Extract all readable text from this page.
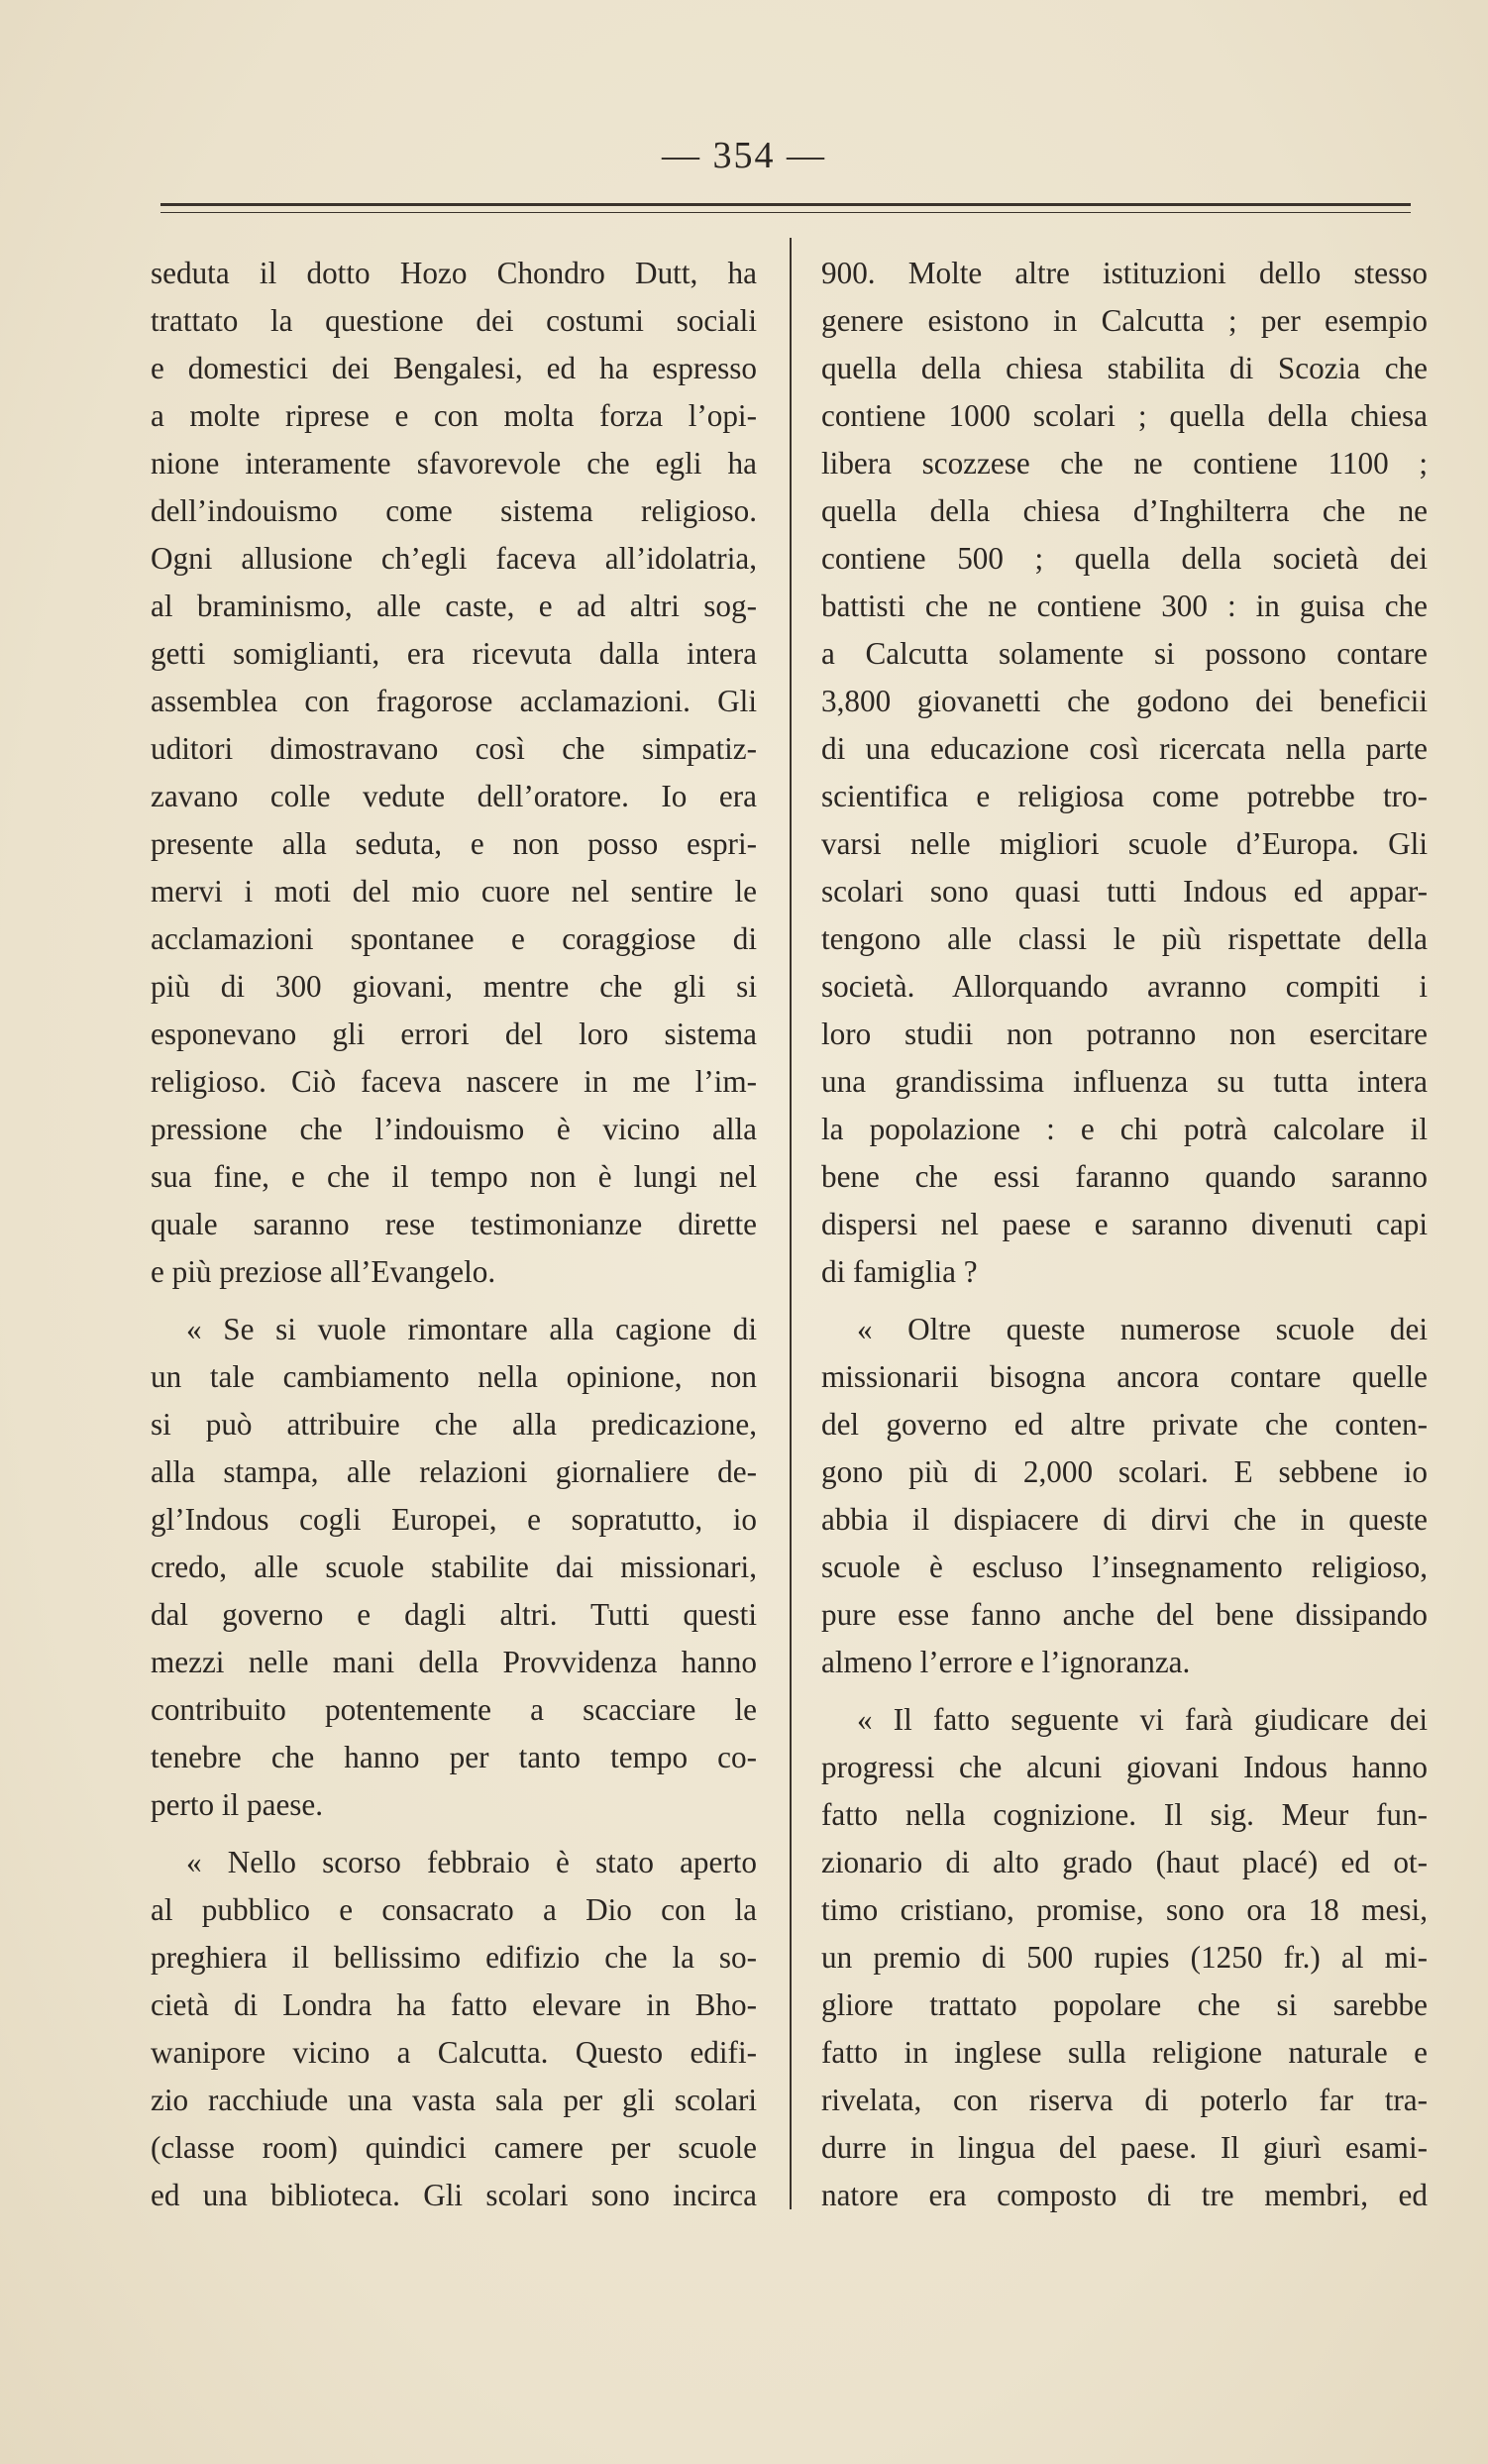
— 354 —
seduta il dotto Hozo Chondro Dutt, ha
trattato la questione dei costumi sociali
e domestici dei Bengalesi, ed ha espresso
a molte riprese e con molta forza l’opi-
nione interamente sfavorevole che egli ha
dell’indouismo come sistema religioso.
Ogni allusione ch’egli faceva all’idolatria,
al braminismo, alle caste, e ad altri sog-
getti somiglianti, era ricevuta dalla intera
assemblea con fragorose acclamazioni. Gli
uditori dimostravano così che simpatiz-
zavano colle vedute dell’oratore. Io era
presente alla seduta, e non posso espri-
mervi i moti del mio cuore nel sentire le
acclamazioni spontanee e coraggiose di
più di 300 giovani, mentre che gli si
esponevano gli errori del loro sistema
religioso. Ciò faceva nascere in me l’im-
pressione che l’indouismo è vicino alla
sua fine, e che il tempo non è lungi nel
quale saranno rese testimonianze dirette
e più preziose all’Evangelo.
« Se si vuole rimontare alla cagione di
un tale cambiamento nella opinione, non
si può attribuire che alla predicazione,
alla stampa, alle relazioni giornaliere de-
gl’Indous cogli Europei, e sopratutto, io
credo, alle scuole stabilite dai missionari,
dal governo e dagli altri. Tutti questi
mezzi nelle mani della Provvidenza hanno
contribuito potentemente a scacciare le
tenebre che hanno per tanto tempo co-
perto il paese.
« Nello scorso febbraio è stato aperto
al pubblico e consacrato a Dio con la
preghiera il bellissimo edifizio che la so-
cietà di Londra ha fatto elevare in Bho-
wanipore vicino a Calcutta. Questo edifi-
zio racchiude una vasta sala per gli scolari
(classe room) quindici camere per scuole
ed una biblioteca. Gli scolari sono incirca
900. Molte altre istituzioni dello stesso
genere esistono in Calcutta ; per esempio
quella della chiesa stabilita di Scozia che
contiene 1000 scolari ; quella della chiesa
libera scozzese che ne contiene 1100 ;
quella della chiesa d’Inghilterra che ne
contiene 500 ; quella della società dei
battisti che ne contiene 300 : in guisa che
a Calcutta solamente si possono contare
3,800 giovanetti che godono dei beneficii
di una educazione così ricercata nella parte
scientifica e religiosa come potrebbe tro-
varsi nelle migliori scuole d’Europa. Gli
scolari sono quasi tutti Indous ed appar-
tengono alle classi le più rispettate della
società. Allorquando avranno compiti i
loro studii non potranno non esercitare
una grandissima influenza su tutta intera
la popolazione : e chi potrà calcolare il
bene che essi faranno quando saranno
dispersi nel paese e saranno divenuti capi
di famiglia ?
« Oltre queste numerose scuole dei
missionarii bisogna ancora contare quelle
del governo ed altre private che conten-
gono più di 2,000 scolari. E sebbene io
abbia il dispiacere di dirvi che in queste
scuole è escluso l’insegnamento religioso,
pure esse fanno anche del bene dissipando
almeno l’errore e l’ignoranza.
« Il fatto seguente vi farà giudicare dei
progressi che alcuni giovani Indous hanno
fatto nella cognizione. Il sig. Meur fun-
zionario di alto grado (haut placé) ed ot-
timo cristiano, promise, sono ora 18 mesi,
un premio di 500 rupies (1250 fr.) al mi-
gliore trattato popolare che si sarebbe
fatto in inglese sulla religione naturale e
rivelata, con riserva di poterlo far tra-
durre in lingua del paese. Il giurì esami-
natore era composto di tre membri, ed
